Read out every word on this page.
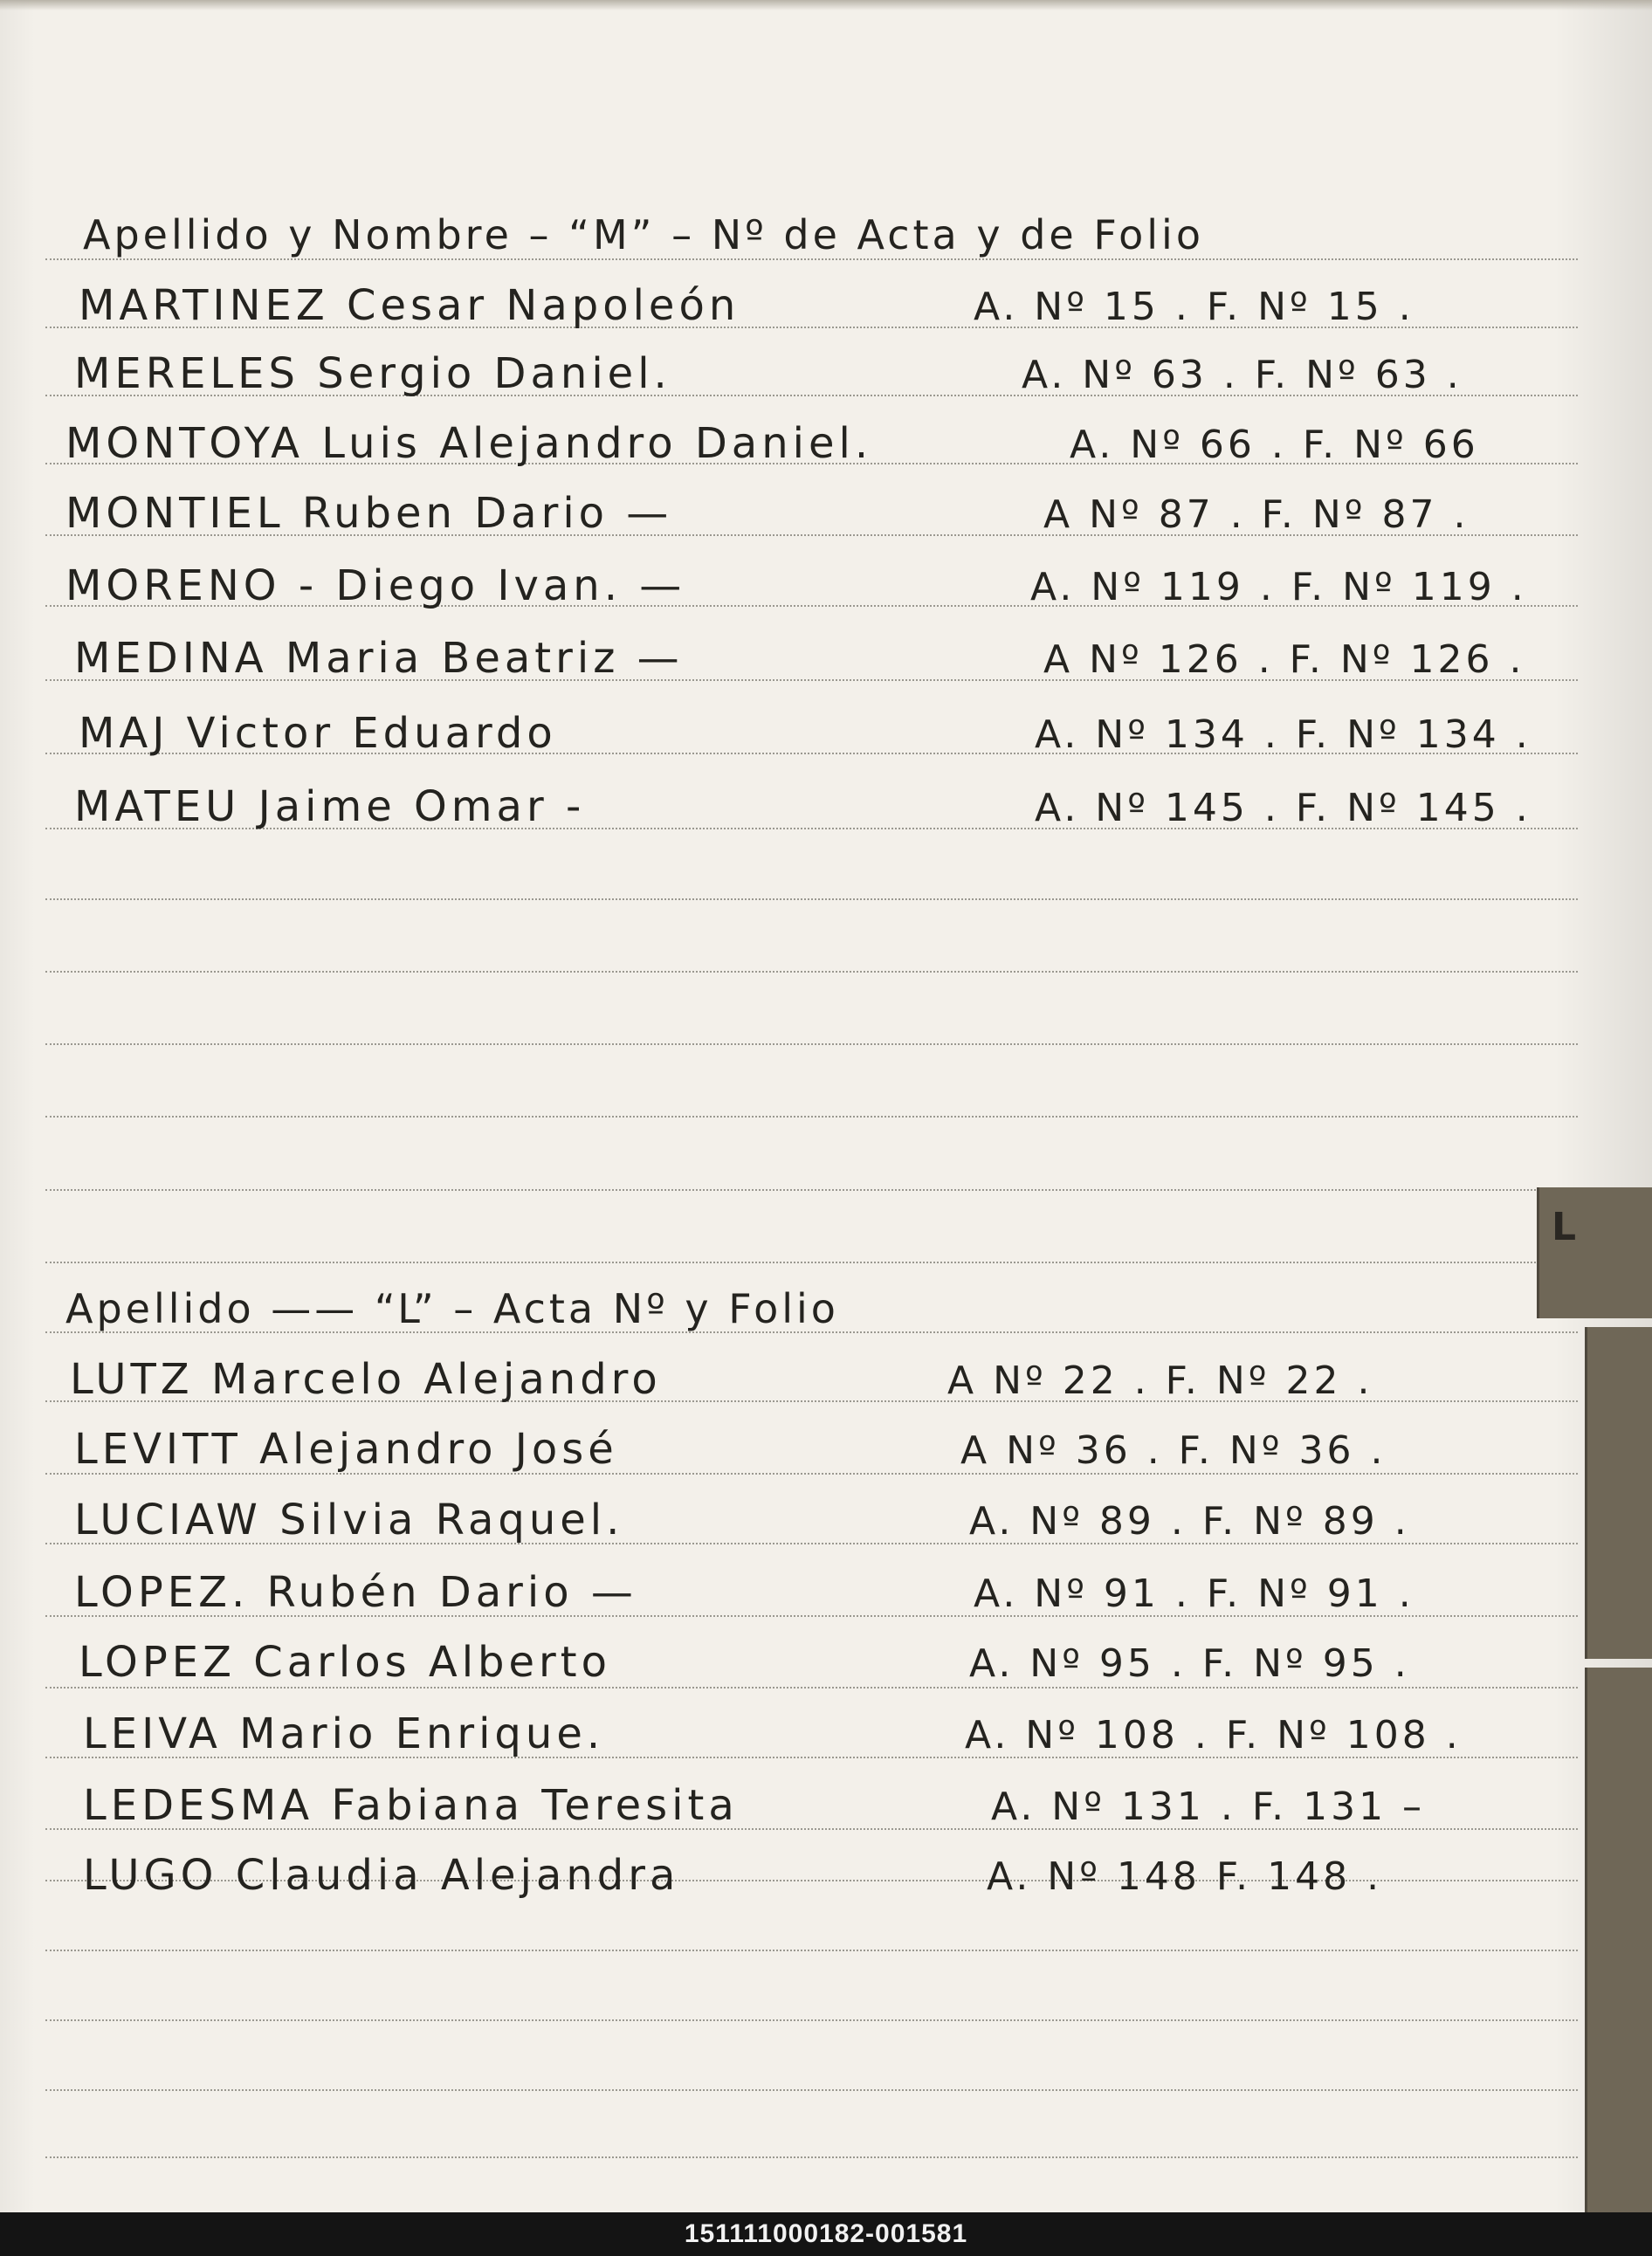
L
Apellido y Nombre – “M” – Nº de Acta y de Folio
MARTINEZ Cesar Napoleón	A. Nº 15 . F. Nº 15 .
MERELES Sergio Daniel.	A. Nº 63 . F. Nº 63 .
MONTOYA Luis Alejandro Daniel.	A. Nº 66 . F. Nº 66
MONTIEL Ruben Dario —	A Nº 87 . F. Nº 87 .
MORENO - Diego Ivan. —	A. Nº 119 . F. Nº 119 .
MEDINA Maria Beatriz —	A Nº 126 . F. Nº 126 .
MAJ Victor Eduardo	A. Nº 134 . F. Nº 134 .
MATEU Jaime Omar -	A. Nº 145 . F. Nº 145 .
Apellido —— “L” – Acta Nº y Folio
LUTZ Marcelo Alejandro	A Nº 22 . F. Nº 22 .
LEVITT Alejandro José	A Nº 36 . F. Nº 36 .
LUCIAW Silvia Raquel.	A. Nº 89 . F. Nº 89 .
LOPEZ. Rubén Dario —	A. Nº 91 . F. Nº 91 .
LOPEZ Carlos Alberto	A. Nº 95 . F. Nº 95 .
LEIVA Mario Enrique.	A. Nº 108 . F. Nº 108 .
LEDESMA Fabiana Teresita	A. Nº 131 . F. 131 –
LUGO Claudia Alejandra	A. Nº 148 F. 148 .
151111000182-001581
